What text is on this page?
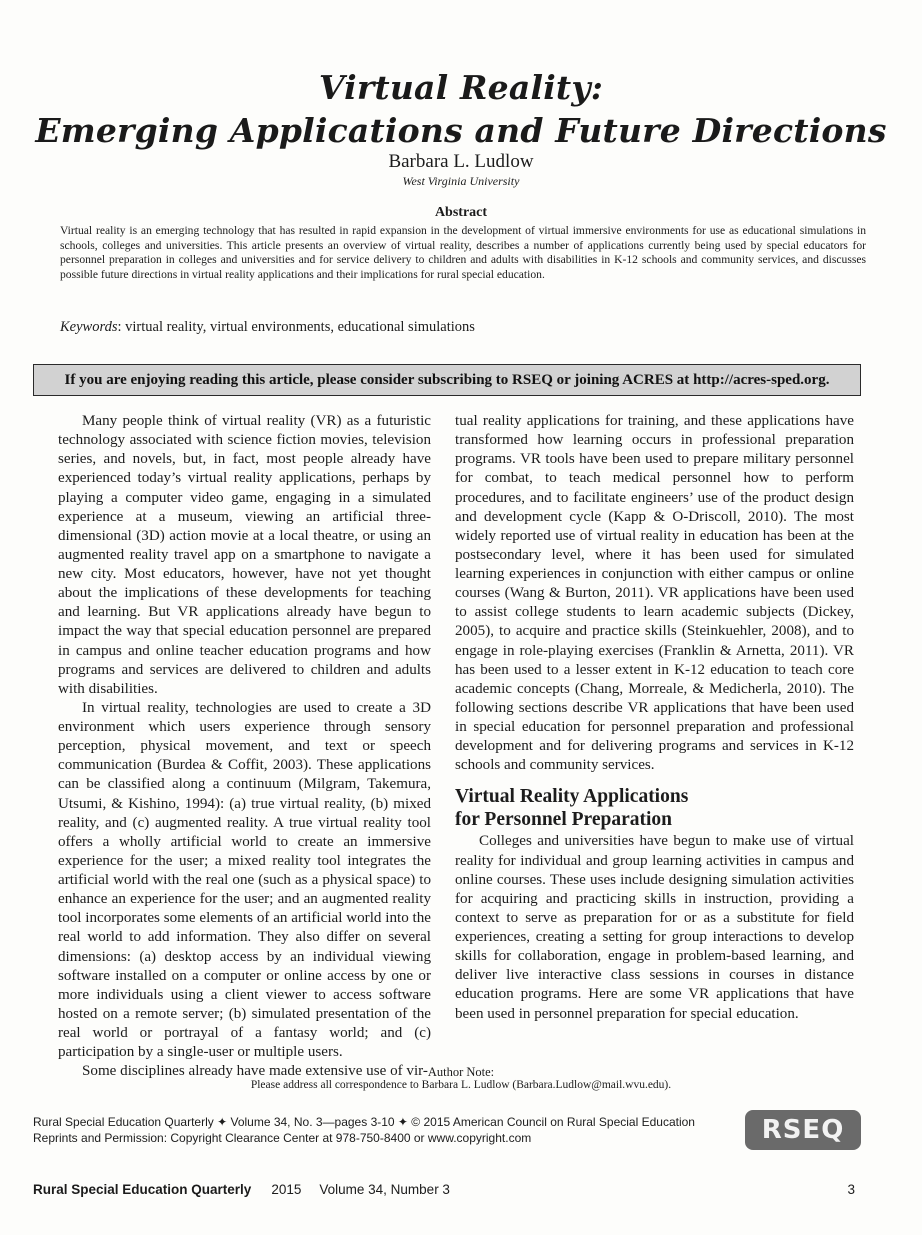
Virtual Reality:
Emerging Applications and Future Directions
Barbara L. Ludlow
West Virginia University
Abstract

Virtual reality is an emerging technology that has resulted in rapid expansion in the development of virtual immersive environments for use as educational simulations in schools, colleges and universities. This article presents an overview of virtual reality, describes a number of applications currently being used by special educators for personnel preparation in colleges and universities and for service delivery to children and adults with disabilities in K-12 schools and community services, and discusses possible future directions in virtual reality applications and their implications for rural special education.

Keywords: virtual reality, virtual environments, educational simulations
If you are enjoying reading this article, please consider subscribing to RSEQ or joining ACRES at http://acres-sped.org.

Many people think of virtual reality (VR) as a futuristic technology associated with science fiction movies, television series, and novels, but, in fact, most people already have experienced today’s virtual reality applications, perhaps by playing a computer video game, engaging in a simulated experience at a museum, viewing an artificial three-dimensional (3D) action movie at a local theatre, or using an augmented reality travel app on a smartphone to navigate a new city. Most educators, however, have not yet thought about the implications of these developments for teaching and learning. But VR applications already have begun to impact the way that special education personnel are prepared in campus and online teacher education programs and how programs and services are delivered to children and adults with disabilities.

In virtual reality, technologies are used to create a 3D environment which users experience through sensory perception, physical movement, and text or speech communication (Burdea & Coffit, 2003). These applications can be classified along a continuum (Milgram, Takemura, Utsumi, & Kishino, 1994): (a) true virtual reality, (b) mixed reality, and (c) augmented reality. A true virtual reality tool offers a wholly artificial world to create an immersive experience for the user; a mixed reality tool integrates the artificial world with the real one (such as a physical space) to enhance an experience for the user; and an augmented reality tool incorporates some elements of an artificial world into the real world to add information. They also differ on several dimensions: (a) desktop access by an individual viewing software installed on a computer or online access by one or more individuals using a client viewer to access software hosted on a remote server; (b) simulated presentation of the real world or portrayal of a fantasy world; and (c) participation by a single-user or multiple users.

Some disciplines already have made extensive use of vir-

tual reality applications for training, and these applications have transformed how learning occurs in professional preparation programs. VR tools have been used to prepare military personnel for combat, to teach medical personnel how to perform procedures, and to facilitate engineers’ use of the product design and development cycle (Kapp & O-Driscoll, 2010). The most widely reported use of virtual reality in education has been at the postsecondary level, where it has been used for simulated learning experiences in conjunction with either campus or online courses (Wang & Burton, 2011). VR applications have been used to assist college students to learn academic subjects (Dickey, 2005), to acquire and practice skills (Steinkuehler, 2008), and to engage in role-playing exercises (Franklin & Arnetta, 2011). VR has been used to a lesser extent in K-12 education to teach core academic concepts (Chang, Morreale, & Medicherla, 2010). The following sections describe VR applications that have been used in special education for personnel preparation and professional development and for delivering programs and services in K-12 schools and community services.

Virtual Reality Applications
for Personnel Preparation

Colleges and universities have begun to make use of virtual reality for individual and group learning activities in campus and online courses. These uses include designing simulation activities for acquiring and practicing skills in instruction, providing a context to serve as preparation for or as a substitute for field experiences, creating a setting for group interactions to develop skills for collaboration, engage in problem-based learning, and deliver live interactive class sessions in courses in distance education programs. Here are some VR applications that have been used in personnel preparation for special education.

Author Note:
Please address all correspondence to Barbara L. Ludlow (Barbara.Ludlow@mail.wvu.edu).
Rural Special Education Quarterly ✦ Volume 34, No. 3—pages 3-10 ✦ © 2015 American Council on Rural Special Education
Reprints and Permission: Copyright Clearance Center at 978-750-8400 or www.copyright.com	RSEQ
Rural Special Education Quarterly 2015 Volume 34, Number 3	3
